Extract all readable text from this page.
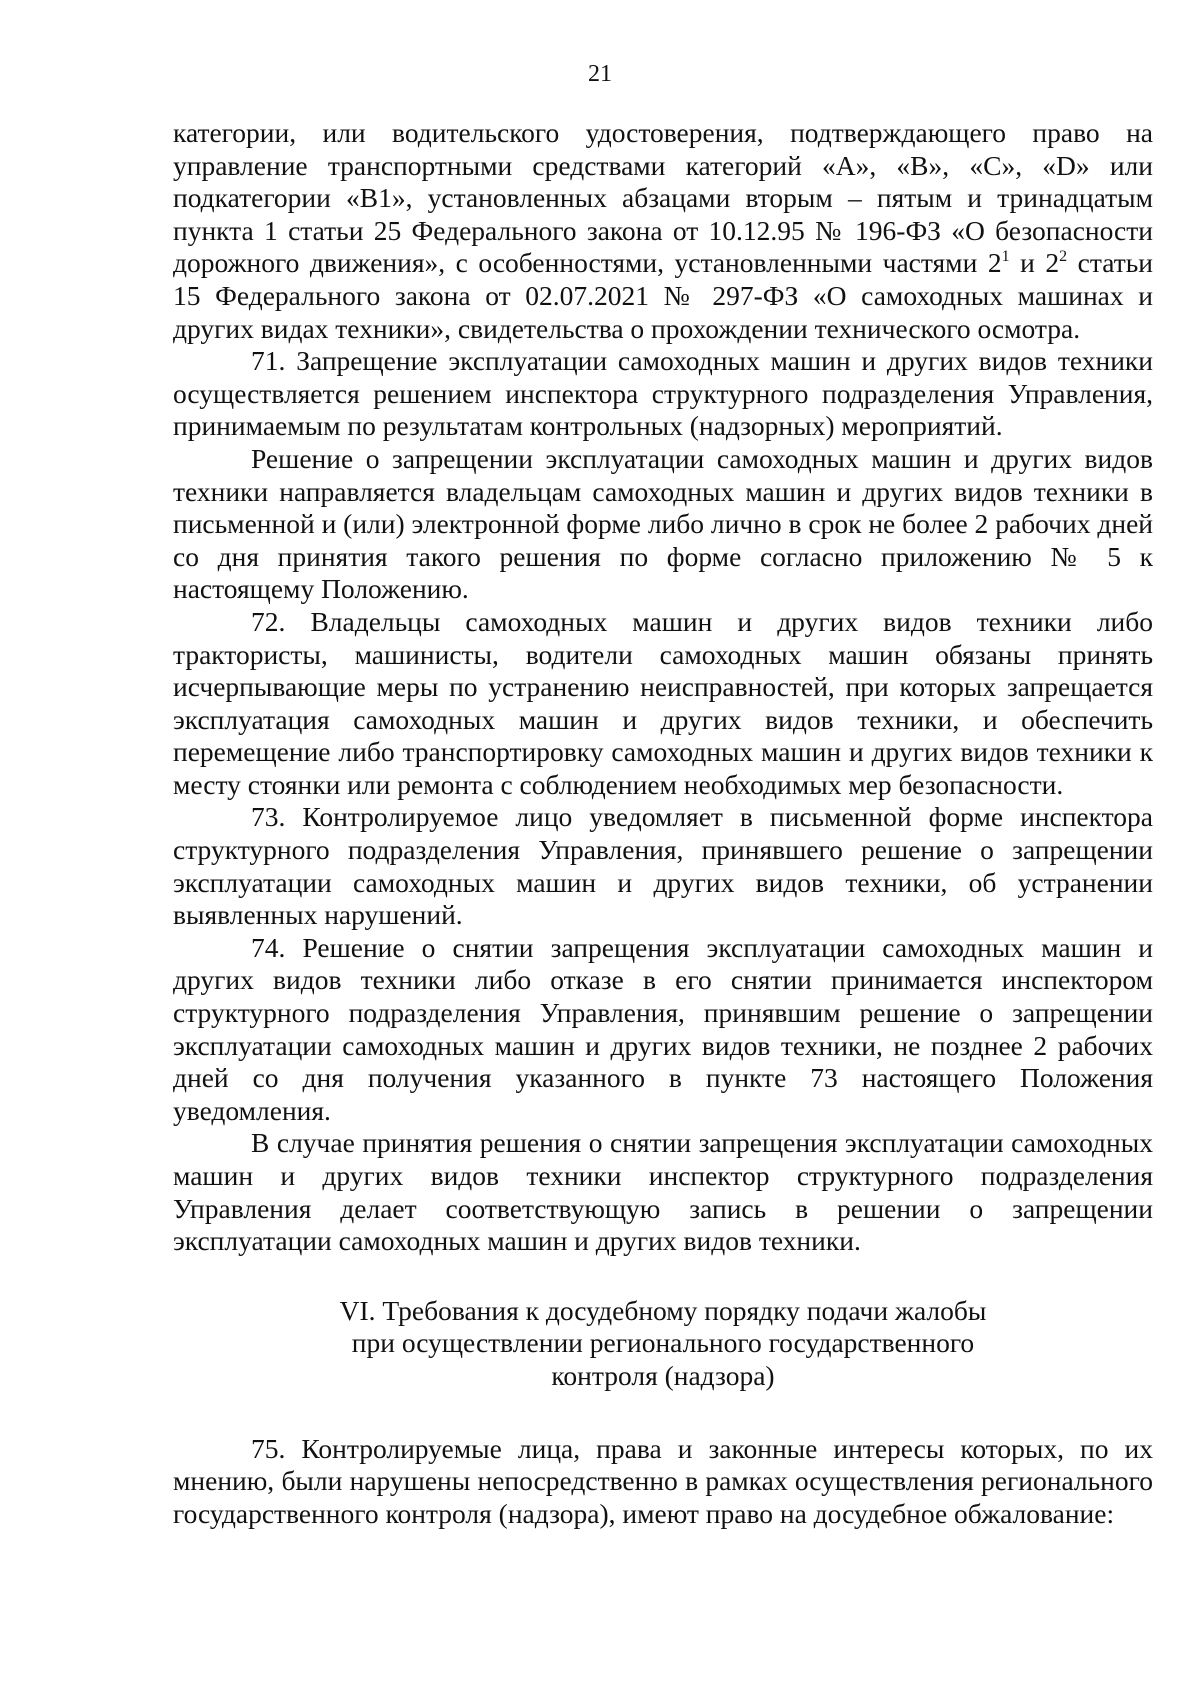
21

категории, или водительского удостоверения, подтверждающего право на управление транспортными средствами категорий «А», «В», «С», «D» или подкатегории «В1», установленных абзацами вторым – пятым и тринадцатым пункта 1 статьи 25 Федерального закона от 10.12.95 № 196-ФЗ «О безопасности дорожного движения», с особенностями, установленными частями $2^1$ и $2^2$ статьи 15 Федерального закона от 02.07.2021 № 297-ФЗ «О самоходных машинах и других видах техники», свидетельства о прохождении технического осмотра.

71. Запрещение эксплуатации самоходных машин и других видов техники осуществляется решением инспектора структурного подразделения Управления, принимаемым по результатам контрольных (надзорных) мероприятий.

Решение о запрещении эксплуатации самоходных машин и других видов техники направляется владельцам самоходных машин и других видов техники в письменной и (или) электронной форме либо лично в срок не более 2 рабочих дней со дня принятия такого решения по форме согласно приложению № 5 к настоящему Положению.

72. Владельцы самоходных машин и других видов техники либо трактористы, машинисты, водители самоходных машин обязаны принять исчерпывающие меры по устранению неисправностей, при которых запрещается эксплуатация самоходных машин и других видов техники, и обеспечить перемещение либо транспортировку самоходных машин и других видов техники к месту стоянки или ремонта с соблюдением необходимых мер безопасности.

73. Контролируемое лицо уведомляет в письменной форме инспектора структурного подразделения Управления, принявшего решение о запрещении эксплуатации самоходных машин и других видов техники, об устранении выявленных нарушений.

74. Решение о снятии запрещения эксплуатации самоходных машин и других видов техники либо отказе в его снятии принимается инспектором структурного подразделения Управления, принявшим решение о запрещении эксплуатации самоходных машин и других видов техники, не позднее 2 рабочих дней со дня получения указанного в пункте 73 настоящего Положения уведомления.

В случае принятия решения о снятии запрещения эксплуатации самоходных машин и других видов техники инспектор структурного подразделения Управления делает соответствующую запись в решении о запрещении эксплуатации самоходных машин и других видов техники.

VI. Требования к досудебному порядку подачи жалобы
при осуществлении регионального государственного
контроля (надзора)

75. Контролируемые лица, права и законные интересы которых, по их мнению, были нарушены непосредственно в рамках осуществления регионального государственного контроля (надзора), имеют право на досудебное обжалование:
